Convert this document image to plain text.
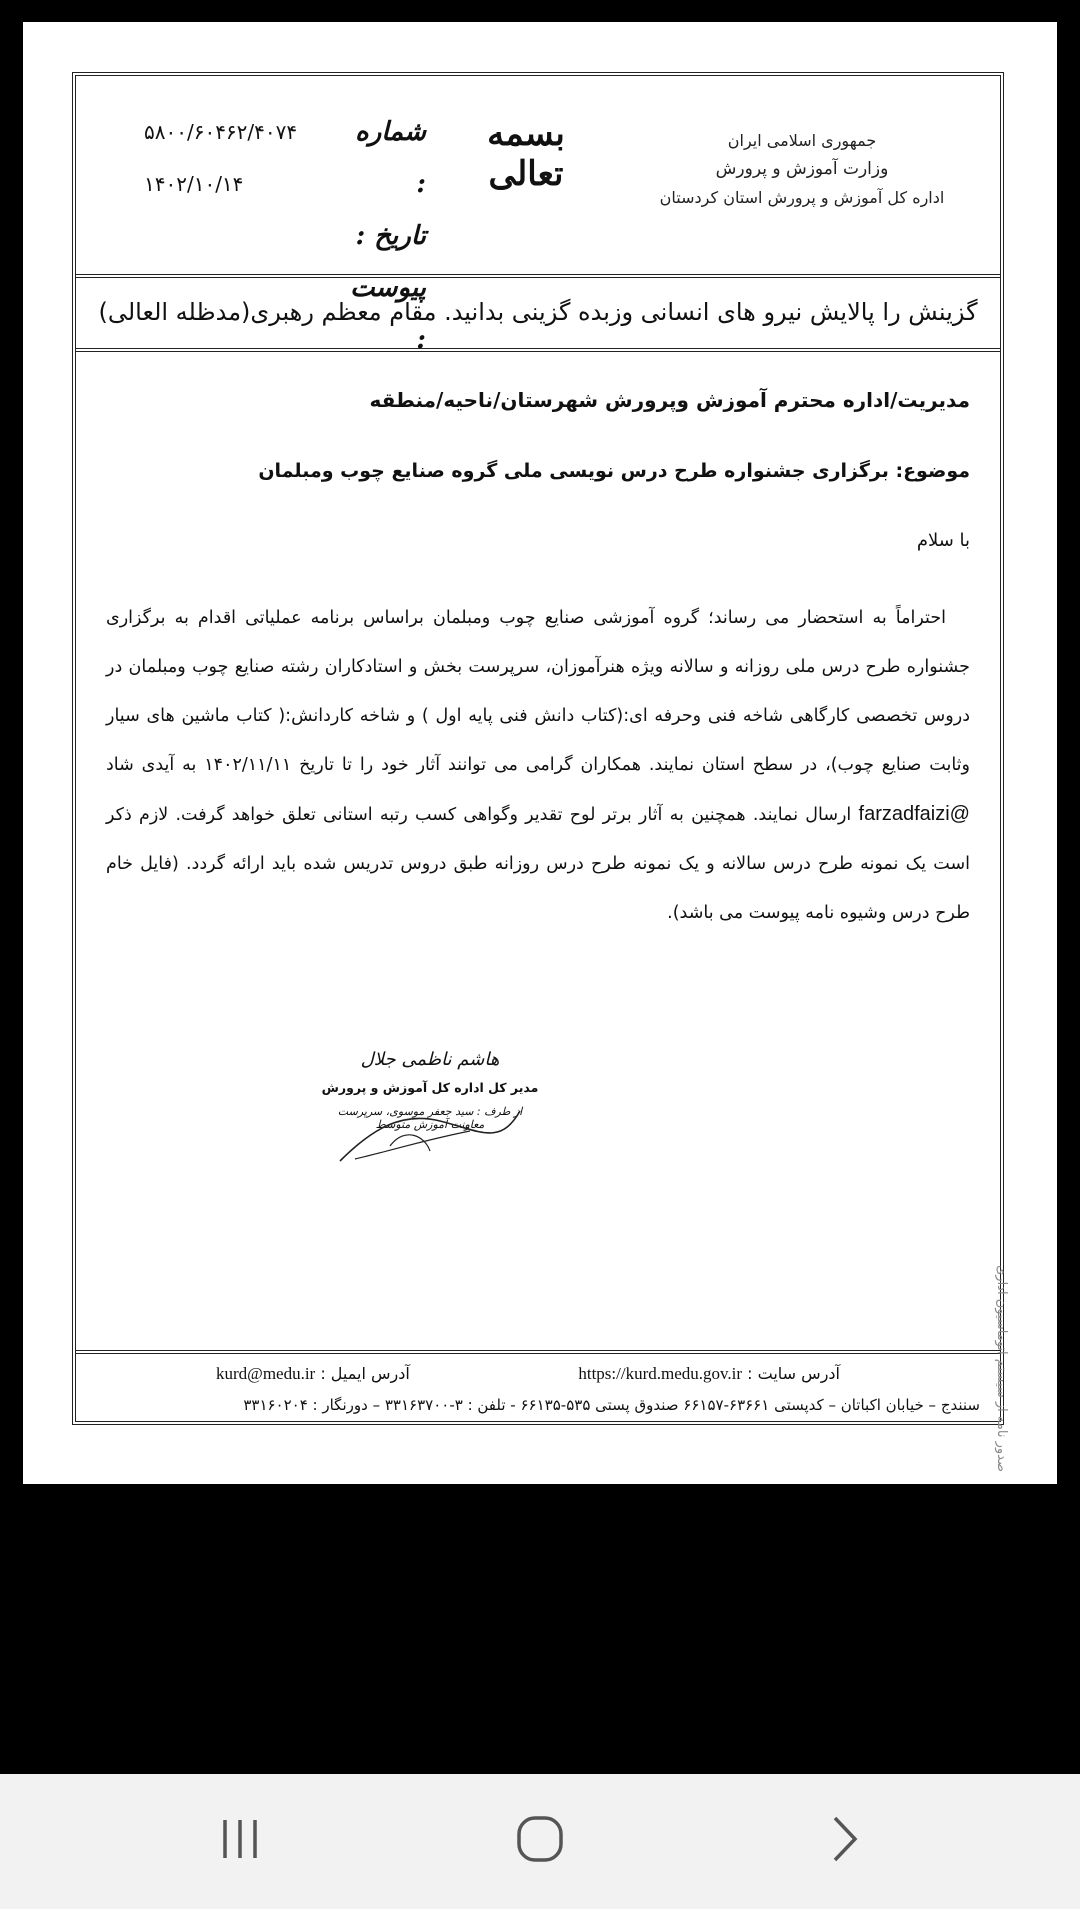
جمهوری اسلامی ایران
وزارت آموزش و پرورش
اداره کل آموزش و پرورش استان کردستان
بسمه تعالی
شماره :
تاریخ :
پیوست :
۵۸۰۰/۶۰۴۶۲/۴۰۷۴
۱۴۰۲/۱۰/۱۴
گزینش را پالایش نیرو های انسانی وزبده گزینی بدانید. مقام معظم رهبری(مدظله العالی)
مدیریت/اداره محترم آموزش وپرورش شهرستان/ناحیه/منطقه
موضوع: برگزاری جشنواره طرح درس نویسی ملی گروه صنایع چوب ومبلمان
با سلام
احتراماً به استحضار می رساند؛ گروه آموزشی صنایع چوب ومبلمان براساس برنامه عملیاتی اقدام به برگزاری جشنواره طرح درس ملی روزانه و سالانه ویژه هنرآموزان، سرپرست بخش و استادکاران رشته صنایع چوب ومبلمان در دروس تخصصی کارگاهی شاخه فنی وحرفه ای:(کتاب دانش فنی پایه اول ) و شاخه کاردانش:( کتاب ماشین های سیار وثابت صنایع چوب)، در سطح استان نمایند. همکاران گرامی می توانند آثار خود را تا تاریخ ۱۴۰۲/۱۱/۱۱ به آیدی شاد @farzadfaizi ارسال نمایند. همچنین به آثار برتر لوح تقدیر وگواهی کسب رتبه استانی تعلق خواهد گرفت. لازم ذکر است یک نمونه طرح درس سالانه و یک نمونه طرح درس روزانه طبق دروس تدریس شده باید ارائه گردد. (فایل خام طرح درس وشیوه نامه پیوست می باشد).
هاشم ناظمی جلال
مدیر کل اداره کل آموزش و پرورش
از طرف : سید جعفر موسوی، سرپرست معاونت آموزش متوسط
آدرس سایت : https://kurd.medu.gov.ir
آدرس ایمیل : kurd@medu.ir
سنندج – خیابان اکباتان – کدپستی ۶۳۶۶۱-۶۶۱۵۷ صندوق پستی ۵۳۵-۶۶۱۳۵ - تلفن : ۳-۳۳۱۶۳۷۰۰ – دورنگار : ۳۳۱۶۰۲۰۴ صدور نامه از سیستم اتوماسیون اداری
